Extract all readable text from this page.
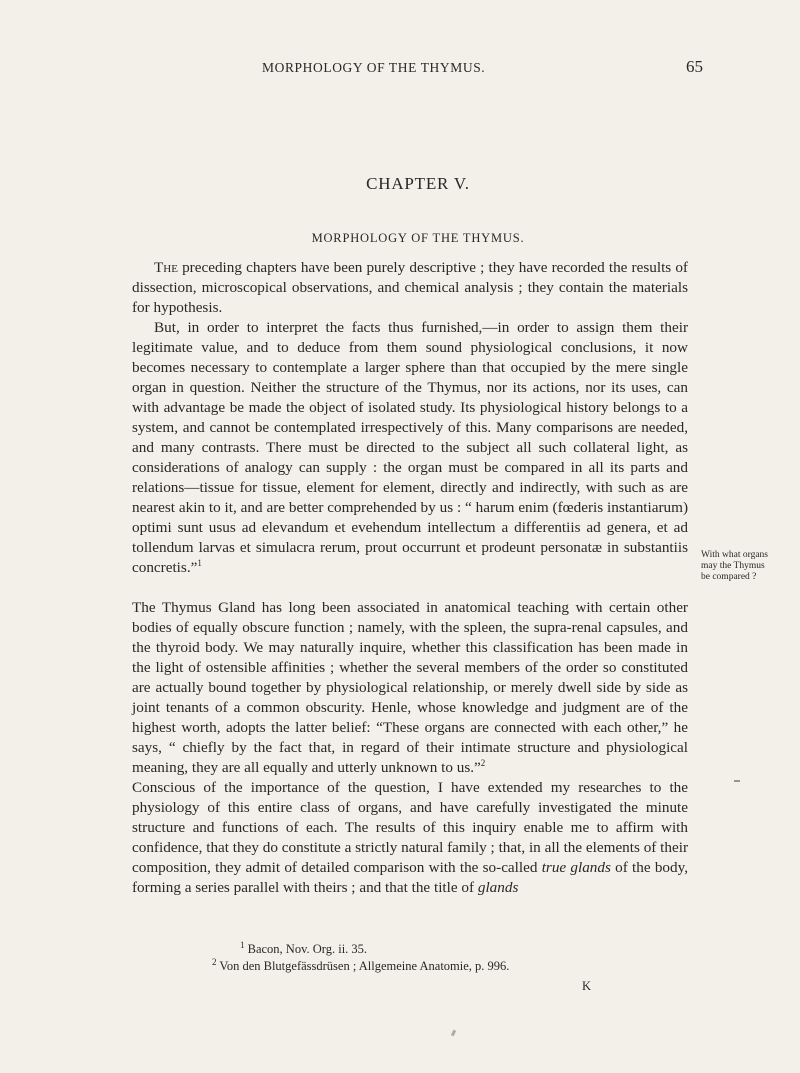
MORPHOLOGY OF THE THYMUS.	65
CHAPTER V.
MORPHOLOGY OF THE THYMUS.

The preceding chapters have been purely descriptive ; they have recorded the results of dissection, microscopical observations, and chemical analysis ; they contain the materials for hypothesis.

But, in order to interpret the facts thus furnished,—in order to assign them their legitimate value, and to deduce from them sound physiological conclusions, it now becomes necessary to contemplate a larger sphere than that occupied by the mere single organ in question. Neither the structure of the Thymus, nor its actions, nor its uses, can with advantage be made the object of isolated study. Its physiological history belongs to a system, and cannot be contemplated irrespectively of this. Many comparisons are needed, and many contrasts. There must be directed to the subject all such collateral light, as considerations of analogy can supply : the organ must be compared in all its parts and relations—tissue for tissue, element for element, directly and indirectly, with such as are nearest akin to it, and are better comprehended by us : “ harum enim (fœderis instantiarum) optimi sunt usus ad elevandum et evehendum intellectum a differentiis ad genera, et ad tollendum larvas et simulacra rerum, prout occurrunt et prodeunt personatæ in substantiis concretis.”$^1$

The Thymus Gland has long been associated in anatomical teaching with certain other bodies of equally obscure function ; namely, with the spleen, the supra-renal capsules, and the thyroid body. We may naturally inquire, whether this classification has been made in the light of ostensible affinities ; whether the several members of the order so constituted are actually bound together by physiological relationship, or merely dwell side by side as joint tenants of a common obscurity. Henle, whose knowledge and judgment are of the highest worth, adopts the latter belief: “These organs are connected with each other,” he says, “ chiefly by the fact that, in regard of their intimate structure and physiological meaning, they are all equally and utterly unknown to us.”$^2$

Conscious of the importance of the question, I have extended my researches to the physiology of this entire class of organs, and have carefully investigated the minute structure and functions of each. The results of this inquiry enable me to affirm with confidence, that they do constitute a strictly natural family ; that, in all the elements of their composition, they admit of detailed comparison with the so-called true glands of the body, forming a series parallel with theirs ; and that the title of glands

With what organs may the Thymus be compared ?
$^1$ Bacon, Nov. Org. ii. 35.
$^2$ Von den Blutgefässdrüsen ; Allgemeine Anatomie, p. 996.
K
